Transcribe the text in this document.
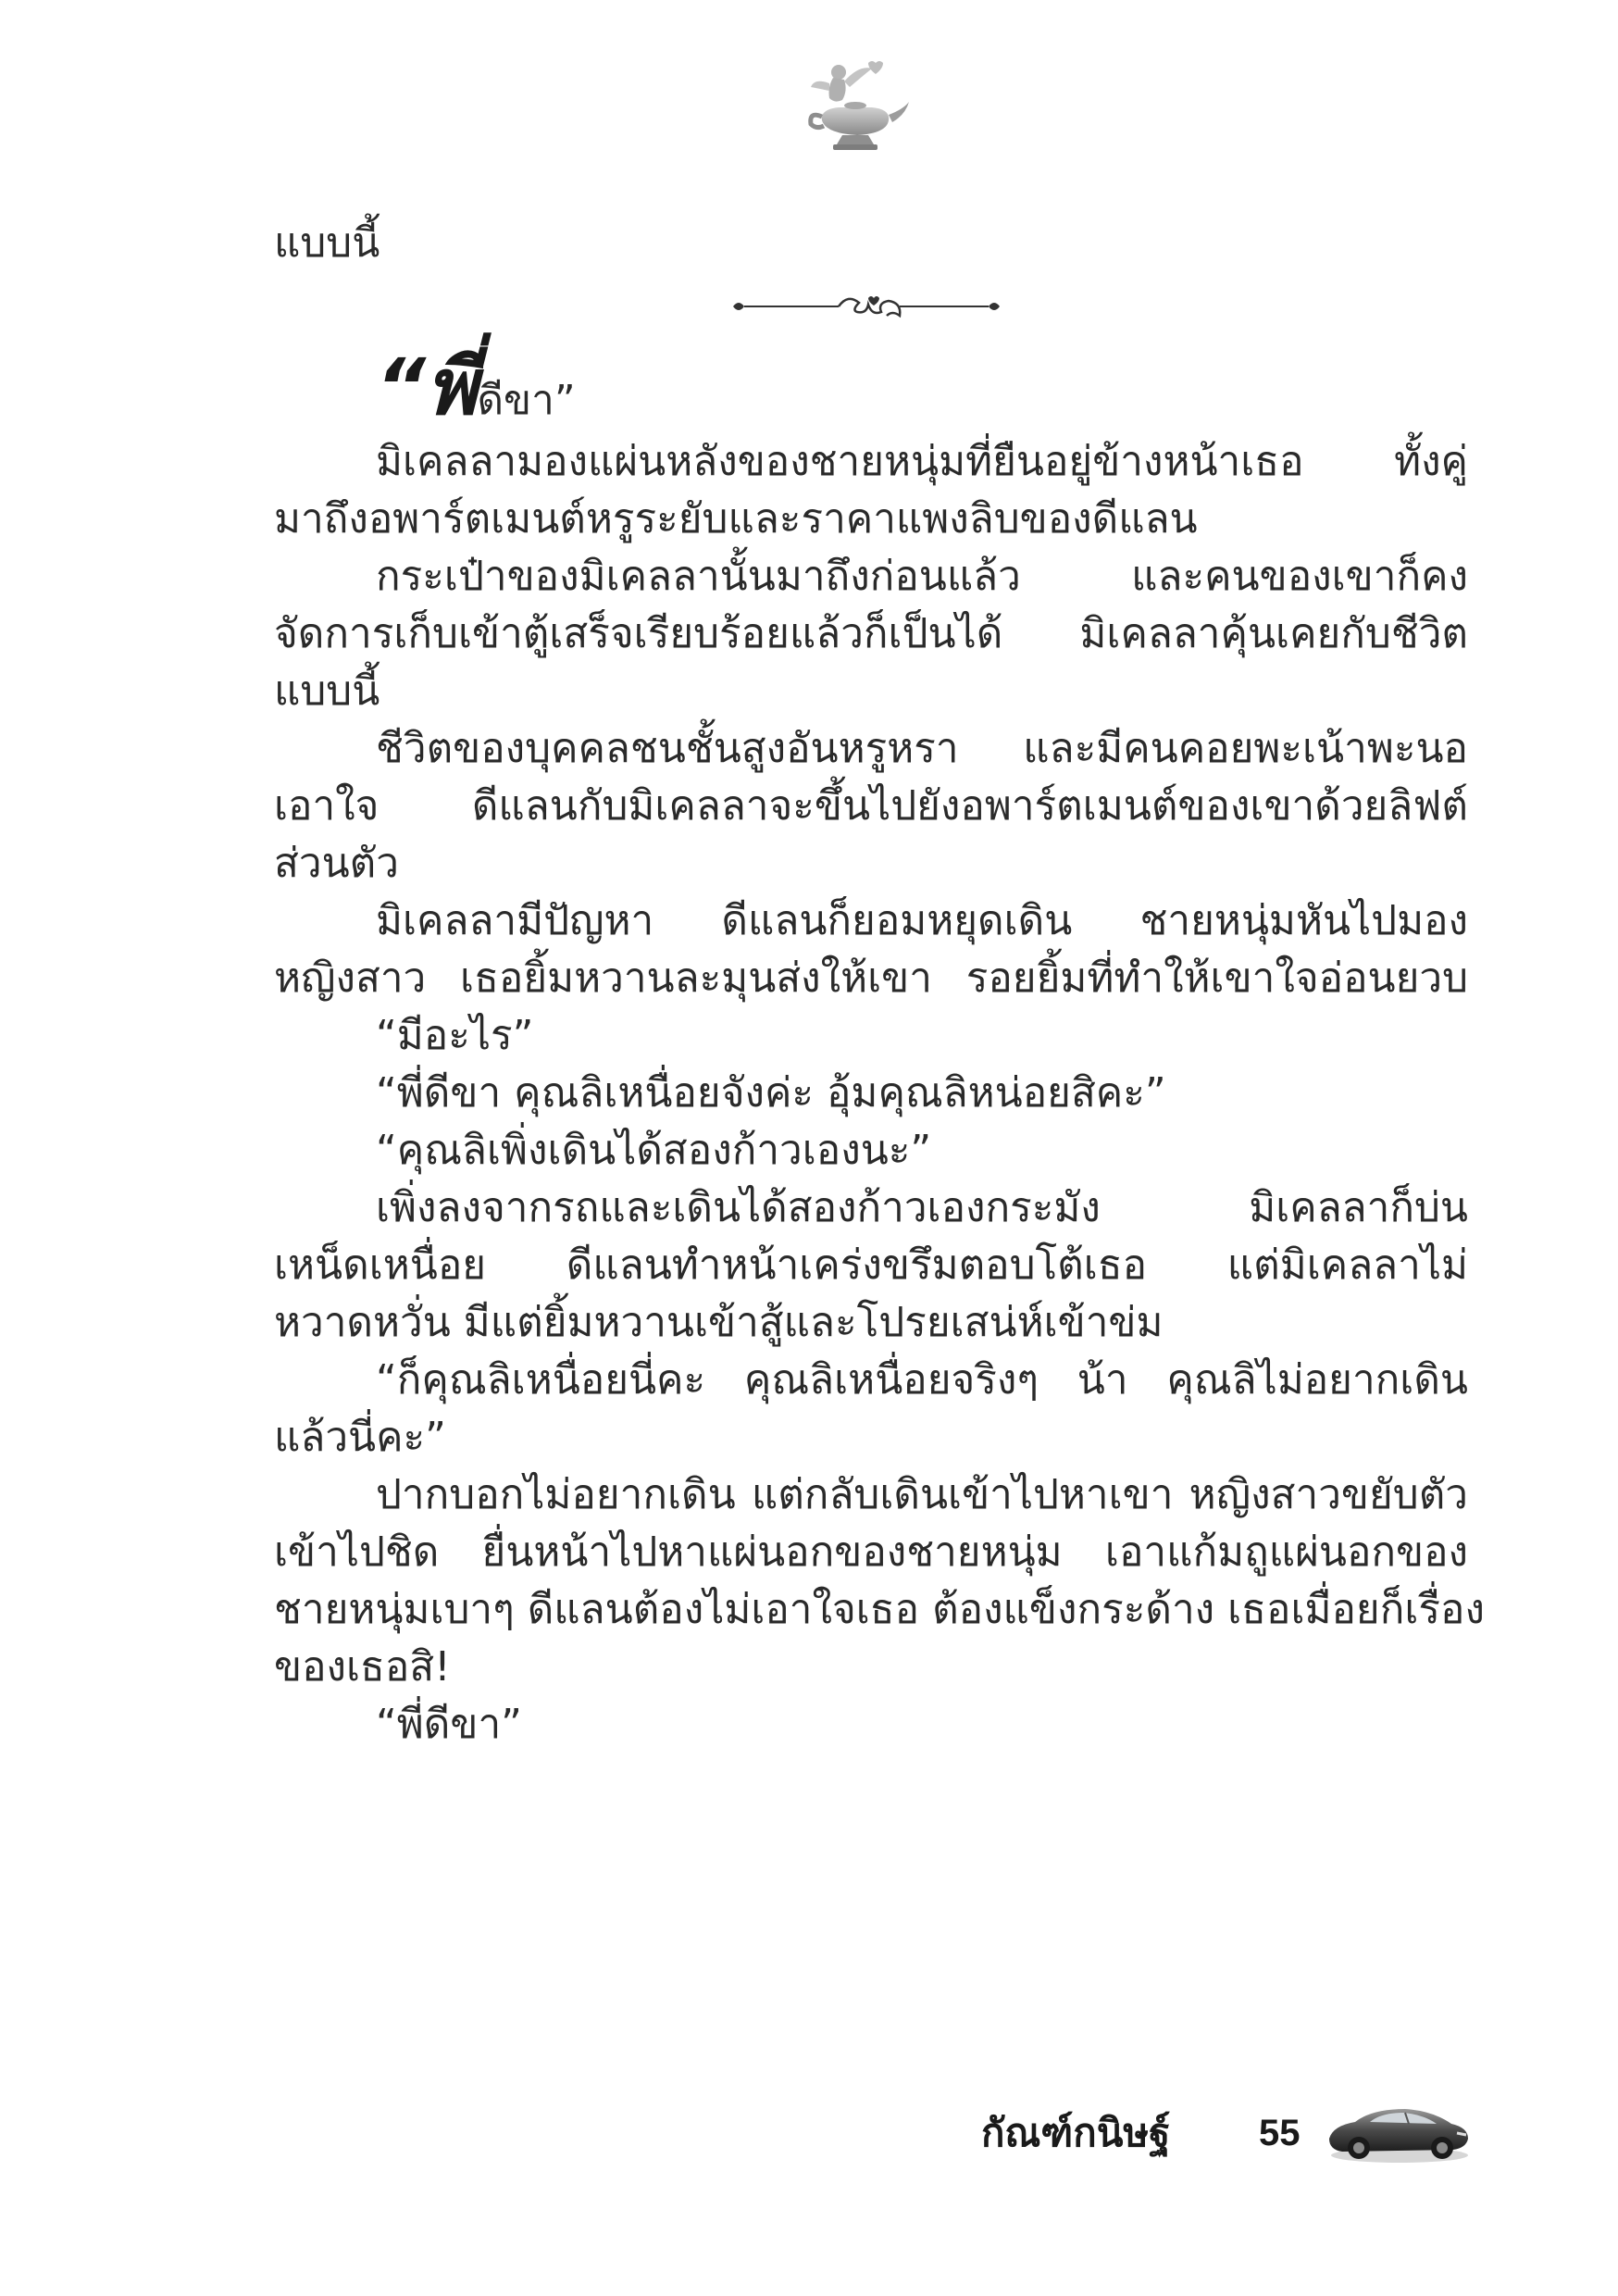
แบบนี้
“พี่ดีขา”
มิเคลลามองแผ่นหลังของชายหนุ่มที่ยืนอยู่ข้างหน้าเธอ ทั้งคู่
มาถึงอพาร์ตเมนต์หรูระยับและราคาแพงลิบของดีแลน
กระเป๋าของมิเคลลานั้นมาถึงก่อนแล้ว และคนของเขาก็คง
จัดการเก็บเข้าตู้เสร็จเรียบร้อยแล้วก็เป็นได้ มิเคลลาคุ้นเคยกับชีวิต
แบบนี้
ชีวิตของบุคคลชนชั้นสูงอันหรูหรา และมีคนคอยพะเน้าพะนอ
เอาใจ ดีแลนกับมิเคลลาจะขึ้นไปยังอพาร์ตเมนต์ของเขาด้วยลิฟต์
ส่วนตัว
มิเคลลามีปัญหา ดีแลนก็ยอมหยุดเดิน ชายหนุ่มหันไปมอง
หญิงสาว เธอยิ้มหวานละมุนส่งให้เขา รอยยิ้มที่ทำให้เขาใจอ่อนยวบ
“มีอะไร”
“พี่ดีขา คุณลิเหนื่อยจังค่ะ อุ้มคุณลิหน่อยสิคะ”
“คุณลิเพิ่งเดินได้สองก้าวเองนะ”
เพิ่งลงจากรถและเดินได้สองก้าวเองกระมัง มิเคลลาก็บ่น
เหน็ดเหนื่อย ดีแลนทำหน้าเคร่งขรึมตอบโต้เธอ แต่มิเคลลาไม่
หวาดหวั่น มีแต่ยิ้มหวานเข้าสู้และโปรยเสน่ห์เข้าข่ม
“ก็คุณลิเหนื่อยนี่คะ คุณลิเหนื่อยจริงๆ น้า คุณลิไม่อยากเดิน
แล้วนี่คะ”
ปากบอกไม่อยากเดิน แต่กลับเดินเข้าไปหาเขา หญิงสาวขยับตัว
เข้าไปชิด ยื่นหน้าไปหาแผ่นอกของชายหนุ่ม เอาแก้มถูแผ่นอกของ
ชายหนุ่มเบาๆ ดีแลนต้องไม่เอาใจเธอ ต้องแข็งกระด้าง เธอเมื่อยก็เรื่อง
ของเธอสิ!
“พี่ดีขา”
กัณฑ์กนิษฐ์ 55
